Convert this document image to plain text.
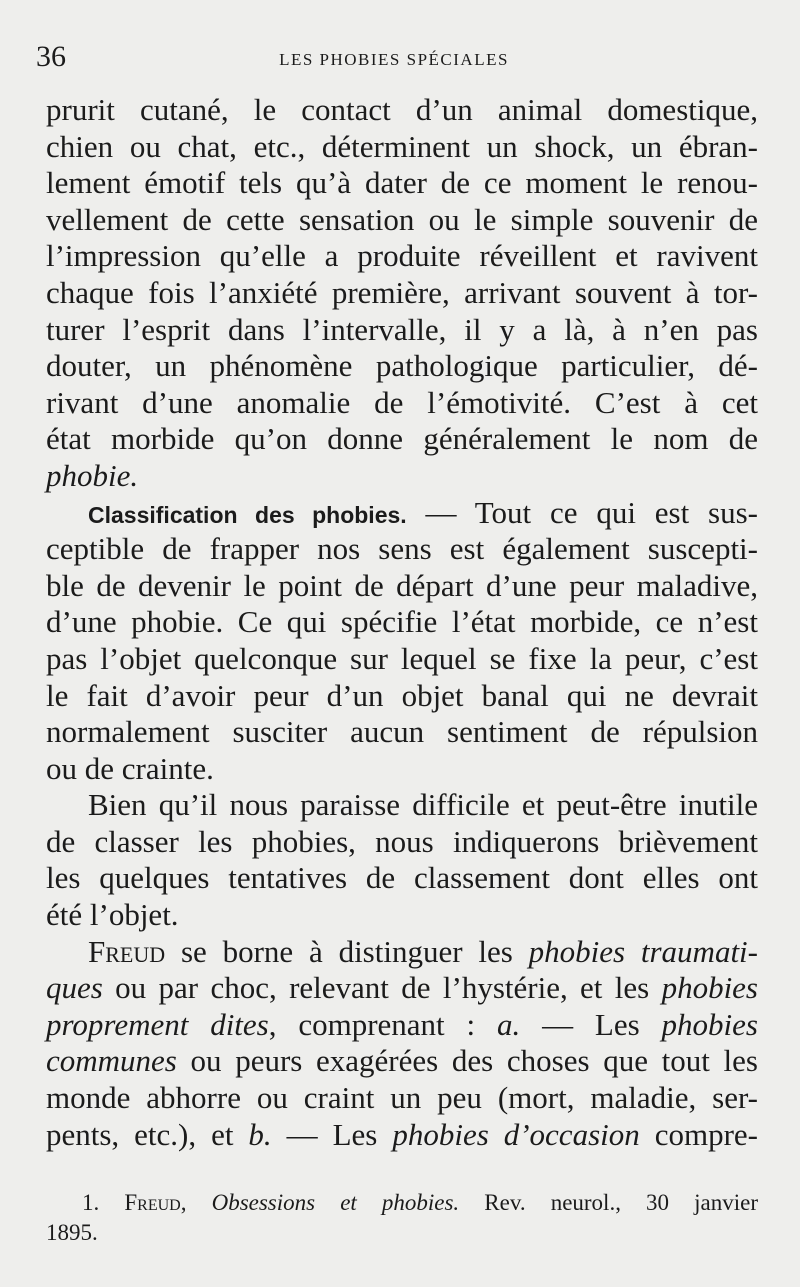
36	LES PHOBIES SPÉCIALES
prurit cutané, le contact d’un animal domestique,
chien ou chat, etc., déterminent un shock, un ébran-
lement émotif tels qu’à dater de ce moment le renou-
vellement de cette sensation ou le simple souvenir de
l’impression qu’elle a produite réveillent et ravivent
chaque fois l’anxiété première, arrivant souvent à tor-
turer l’esprit dans l’intervalle, il y a là, à n’en pas
douter, un phénomène pathologique particulier, dé-
rivant d’une anomalie de l’émotivité. C’est à cet
état morbide qu’on donne généralement le nom de
phobie.
Classification des phobies. — Tout ce qui est sus-
ceptible de frapper nos sens est également suscepti-
ble de devenir le point de départ d’une peur maladive,
d’une phobie. Ce qui spécifie l’état morbide, ce n’est
pas l’objet quelconque sur lequel se fixe la peur, c’est
le fait d’avoir peur d’un objet banal qui ne devrait
normalement susciter aucun sentiment de répulsion
ou de crainte.
Bien qu’il nous paraisse difficile et peut-être inutile
de classer les phobies, nous indiquerons brièvement
les quelques tentatives de classement dont elles ont
été l’objet.
Freud se borne à distinguer les phobies traumati-
ques ou par choc, relevant de l’hystérie, et les phobies
proprement dites, comprenant : a. — Les phobies
communes ou peurs exagérées des choses que tout les
monde abhorre ou craint un peu (mort, maladie, ser-
pents, etc.), et b. — Les phobies d’occasion compre-
1. Freud, Obsessions et phobies. Rev. neurol., 30 janvier
1895.
